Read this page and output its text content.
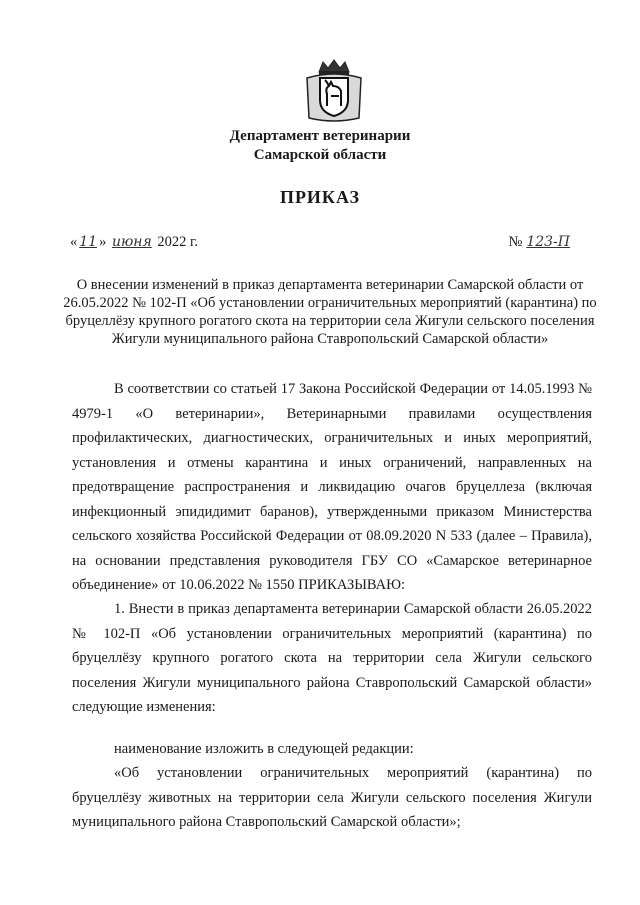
Департамент ветеринарии
Самарской области
ПРИКАЗ
« 11 » июня 2022 г.	№ 123-П
О внесении изменений в приказ департамента ветеринарии Самарской области от 26.05.2022 № 102-П «Об установлении ограничительных мероприятий (карантина) по бруцеллёзу крупного рогатого скота на территории села Жигули сельского поселения Жигули муниципального района Ставропольский Самарской области»
В соответствии со статьей 17 Закона Российской Федерации от 14.05.1993 № 4979-1 «О ветеринарии», Ветеринарными правилами осуществления профилактических, диагностических, ограничительных и иных мероприятий, установления и отмены карантина и иных ограничений, направленных на предотвращение распространения и ликвидацию очагов бруцеллеза (включая инфекционный эпидидимит баранов), утвержденными приказом Министерства сельского хозяйства Российской Федерации от 08.09.2020 N 533 (далее – Правила), на основании представления руководителя ГБУ СО «Самарское ветеринарное объединение» от 10.06.2022 № 1550 ПРИКАЗЫВАЮ:
1. Внести в приказ департамента ветеринарии Самарской области 26.05.2022 № 102-П «Об установлении ограничительных мероприятий (карантина) по бруцеллёзу крупного рогатого скота на территории села Жигули сельского поселения Жигули муниципального района Ставропольский Самарской области» следующие изменения:
наименование изложить в следующей редакции:
«Об установлении ограничительных мероприятий (карантина) по бруцеллёзу животных на территории села Жигули сельского поселения Жигули муниципального района Ставропольский Самарской области»;
